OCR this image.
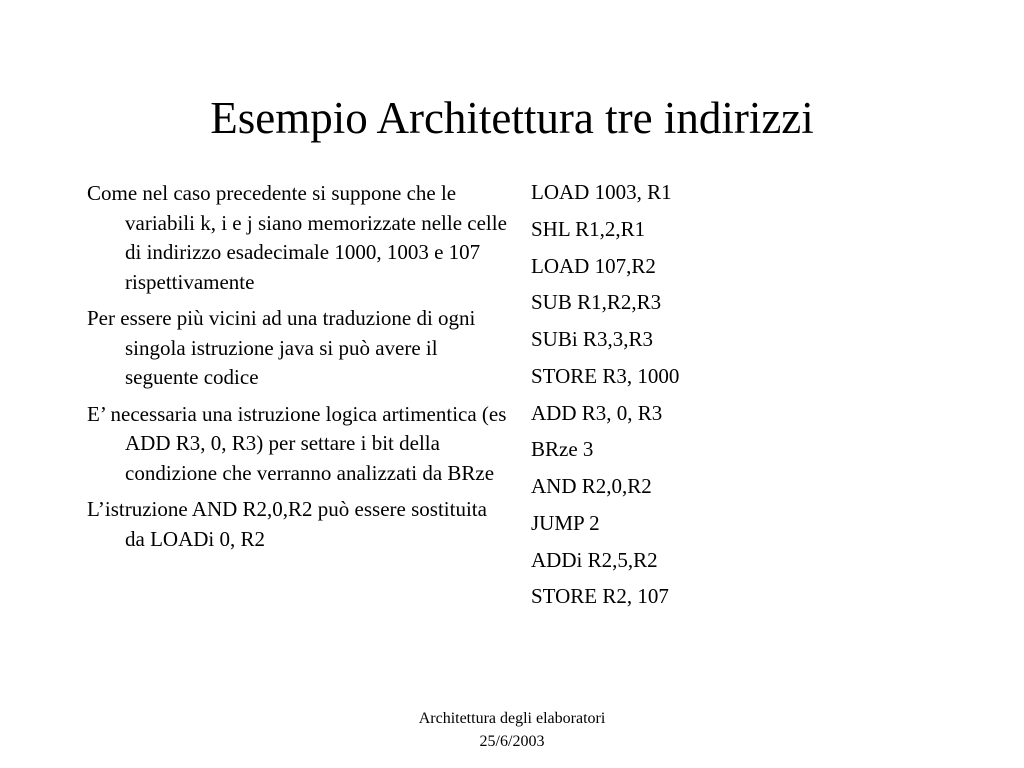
Esempio Architettura tre indirizzi

Come nel caso precedente si suppone che le variabili k, i e j siano memorizzate nelle celle di indirizzo esadecimale 1000, 1003 e 107 rispettivamente

Per essere più vicini ad una traduzione di ogni singola istruzione java si può avere il seguente codice

E’ necessaria una istruzione logica artimentica (es ADD R3, 0, R3) per settare i bit della condizione che verranno analizzati da BRze

L’istruzione AND R2,0,R2 può essere sostituita da LOADi 0, R2

LOAD 1003, R1
SHL R1,2,R1
LOAD 107,R2
SUB R1,R2,R3
SUBi R3,3,R3
STORE R3, 1000
ADD R3, 0, R3
BRze 3
AND R2,0,R2
JUMP 2
ADDi R2,5,R2
STORE R2, 107
Architettura degli elaboratori
25/6/2003
